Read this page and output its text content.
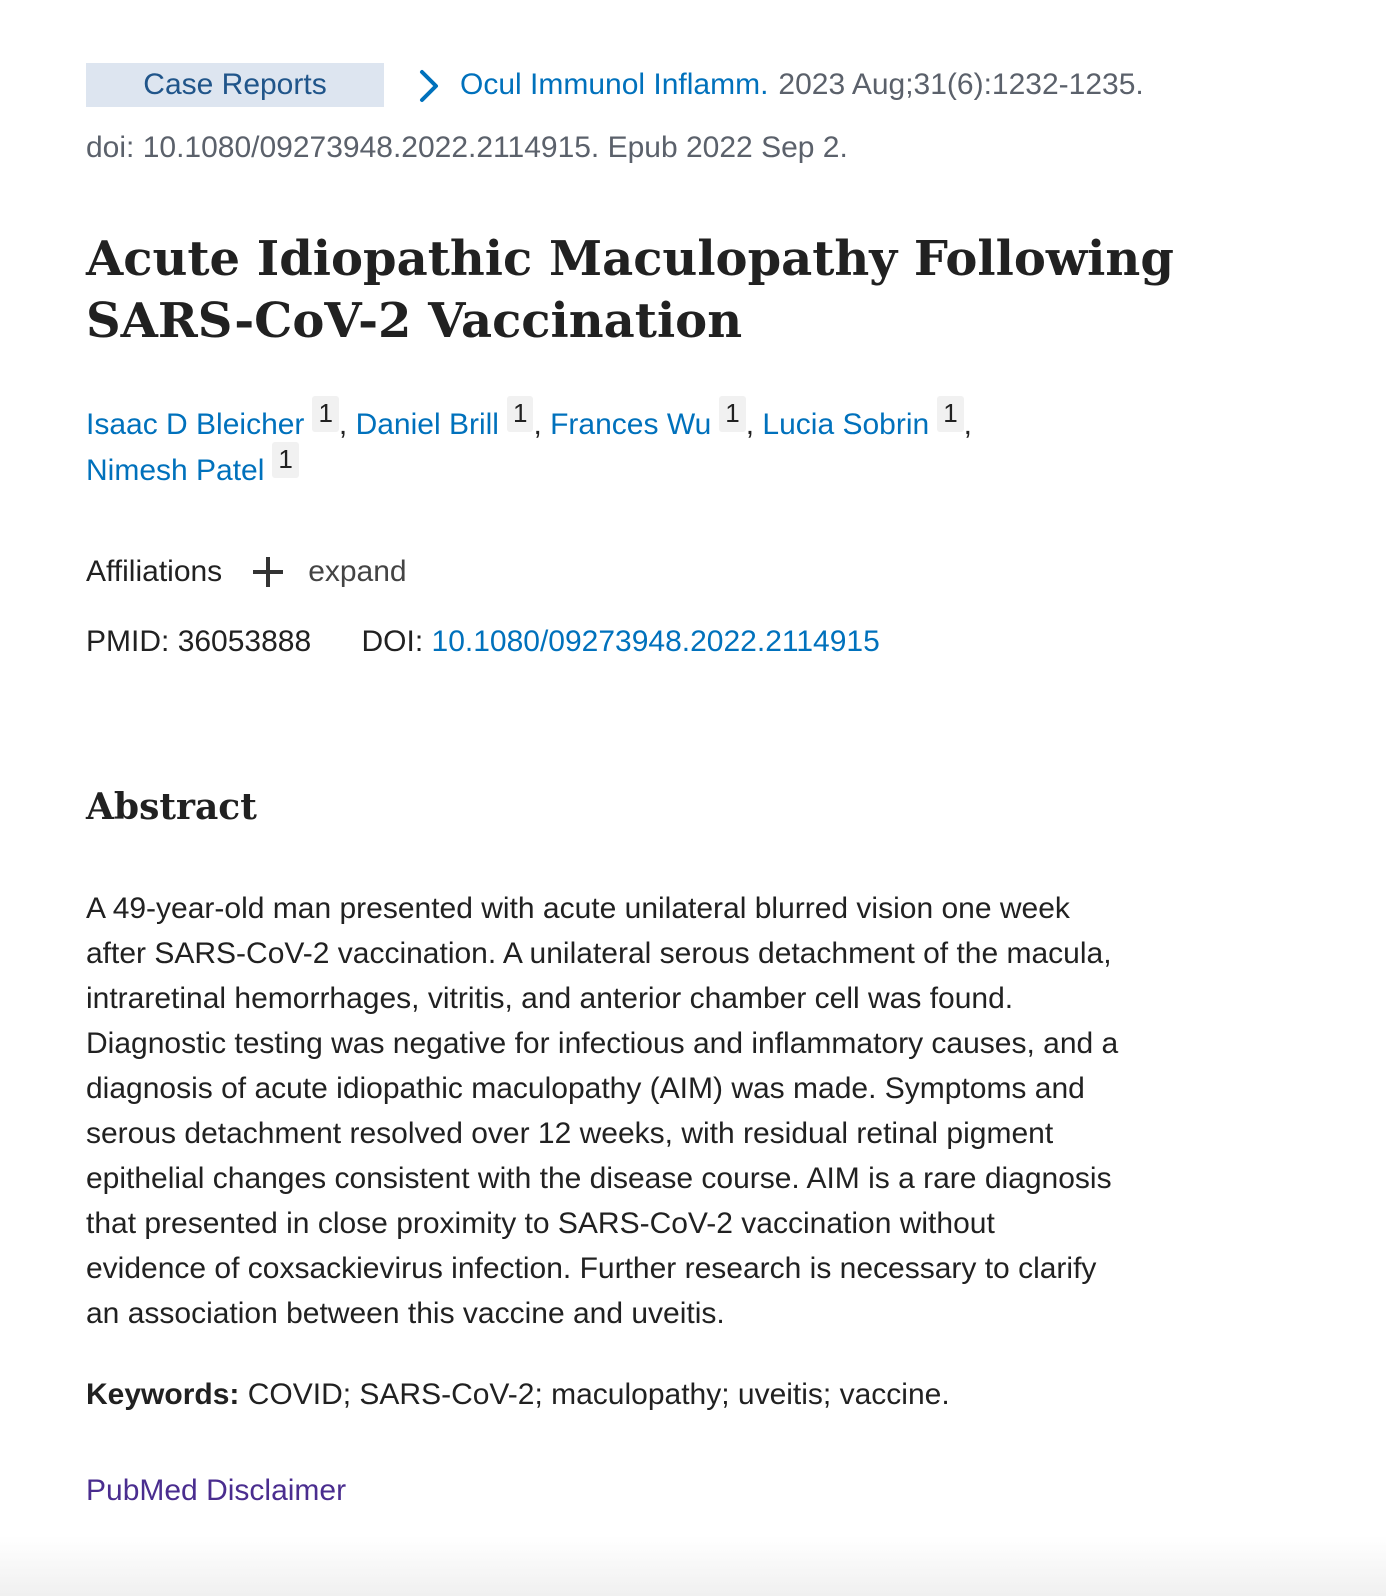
Case Reports	Ocul Immunol Inflamm. 2023 Aug;31(6):1232-1235.
doi: 10.1080/09273948.2022.2114915. Epub 2022 Sep 2.
Acute Idiopathic Maculopathy Following SARS-CoV-2 Vaccination
Isaac D Bleicher 1 , Daniel Brill 1 , Frances Wu 1 , Lucia Sobrin 1 ,
Nimesh Patel 1
Affiliations	expand
PMID: 36053888 DOI: 10.1080/09273948.2022.2114915
Abstract

A 49-year-old man presented with acute unilateral blurred vision one week
after SARS-CoV-2 vaccination. A unilateral serous detachment of the macula,
intraretinal hemorrhages, vitritis, and anterior chamber cell was found.
Diagnostic testing was negative for infectious and inflammatory causes, and a
diagnosis of acute idiopathic maculopathy (AIM) was made. Symptoms and
serous detachment resolved over 12 weeks, with residual retinal pigment
epithelial changes consistent with the disease course. AIM is a rare diagnosis
that presented in close proximity to SARS-CoV-2 vaccination without
evidence of coxsackievirus infection. Further research is necessary to clarify
an association between this vaccine and uveitis.

Keywords: COVID; SARS-CoV-2; maculopathy; uveitis; vaccine.
PubMed Disclaimer
